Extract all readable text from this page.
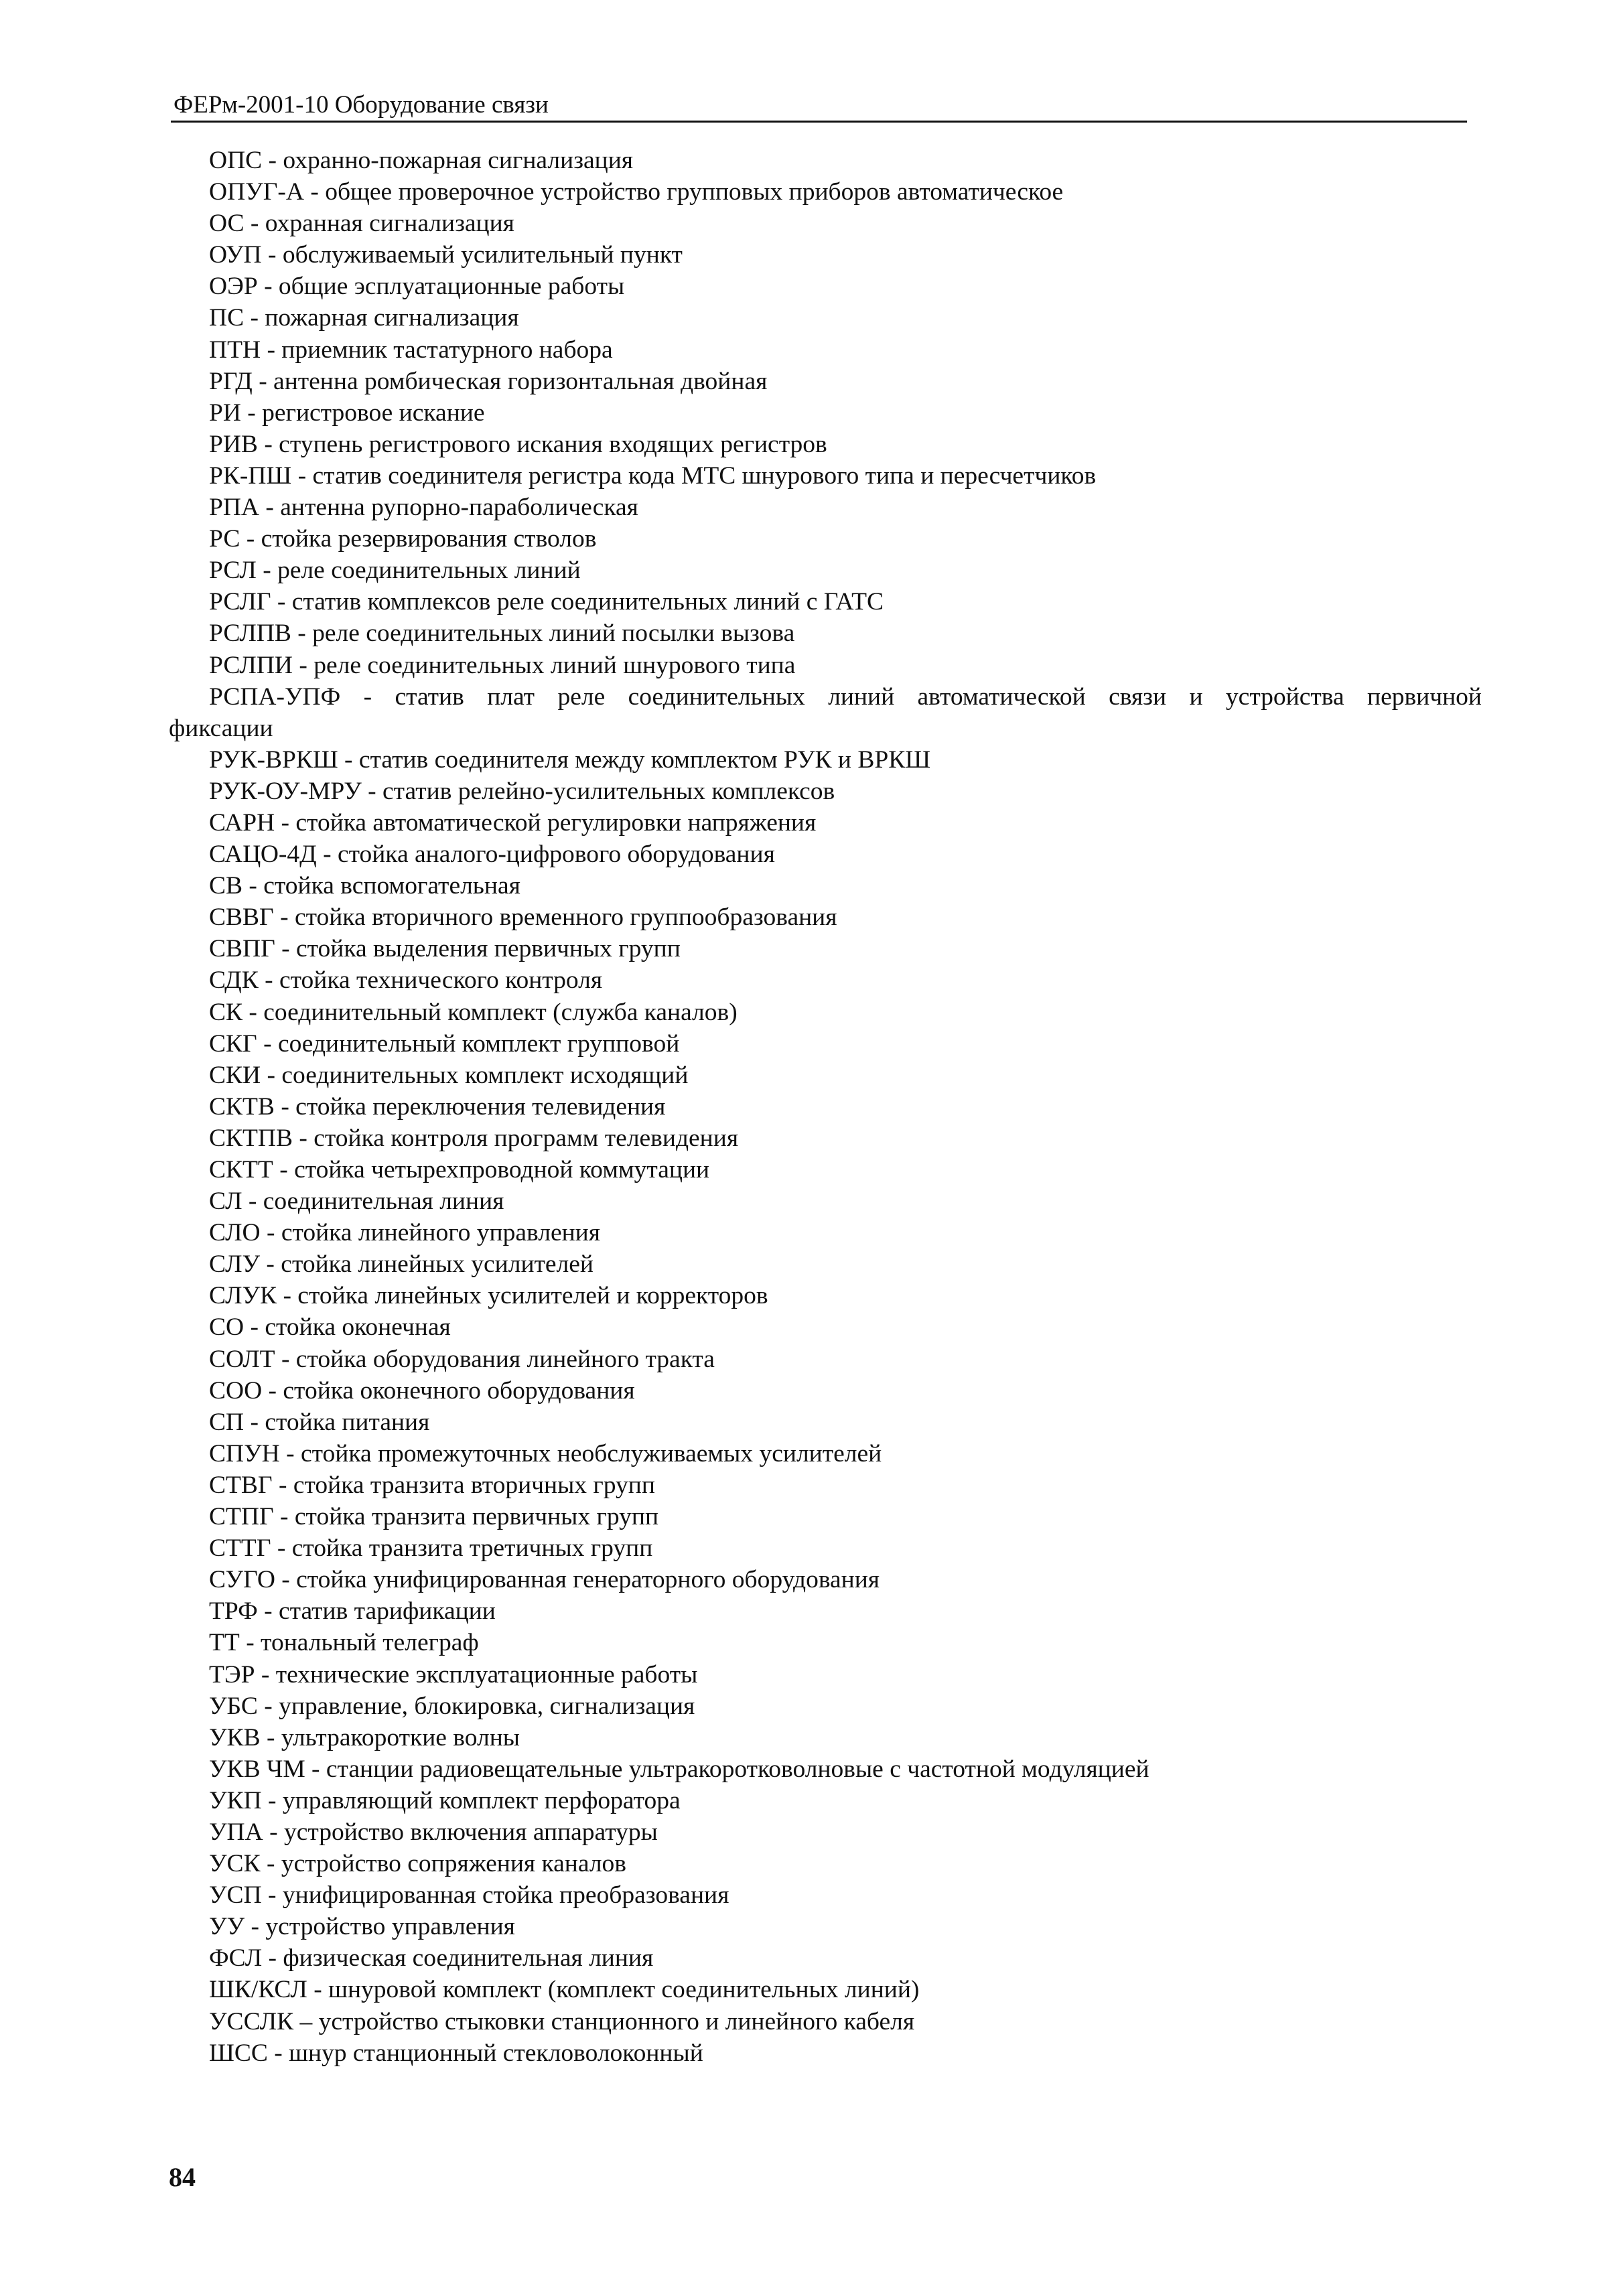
ФЕРм-2001-10 Оборудование связи
ОПС - охранно-пожарная сигнализация
ОПУГ-А - общее проверочное устройство групповых приборов автоматическое
ОС - охранная сигнализация
ОУП - обслуживаемый усилительный пункт
ОЭР - общие эсплуатационные работы
ПС - пожарная сигнализация
ПТН - приемник тастатурного набора
РГД - антенна ромбическая горизонтальная двойная
РИ - регистровое искание
РИВ - ступень регистрового искания входящих регистров
РК-ПШ - статив соединителя регистра кода МТС шнурового типа и пересчетчиков
РПА - антенна рупорно-параболическая
РС - стойка резервирования стволов
РСЛ - реле соединительных линий
РСЛГ - статив комплексов реле соединительных линий с ГАТС
РСЛПВ - реле соединительных линий посылки вызова
РСЛПИ - реле соединительных линий шнурового типа
РСПА-УПФ - статив плат реле соединительных линий автоматической связи и устройства первичной
фиксации
РУК-ВРКШ - статив соединителя между комплектом РУК и ВРКШ
РУК-ОУ-МРУ - статив релейно-усилительных комплексов
САРН - стойка автоматической регулировки напряжения
САЦО-4Д - стойка аналого-цифрового оборудования
СВ - стойка вспомогательная
СВВГ - стойка вторичного временного группообразования
СВПГ - стойка выделения первичных групп
СДК - стойка технического контроля
СК - соединительный комплект (служба каналов)
СКГ - соединительный комплект групповой
СКИ - соединительных комплект исходящий
СКТВ - стойка переключения телевидения
СКТПВ - стойка контроля программ телевидения
СКТТ - стойка четырехпроводной коммутации
СЛ - соединительная линия
СЛО - стойка линейного управления
СЛУ - стойка линейных усилителей
СЛУК - стойка линейных усилителей и корректоров
СО - стойка оконечная
СОЛТ - стойка оборудования линейного тракта
СОО - стойка оконечного оборудования
СП - стойка питания
СПУН - стойка промежуточных необслуживаемых усилителей
СТВГ - стойка транзита вторичных групп
СТПГ - стойка транзита первичных групп
СТТГ - стойка транзита третичных групп
СУГО - стойка унифицированная генераторного оборудования
ТРФ - статив тарификации
ТТ - тональный телеграф
ТЭР - технические эксплуатационные работы
УБС - управление, блокировка, сигнализация
УКВ - ультракороткие волны
УКВ ЧМ - станции радиовещательные ультракоротковолновые с частотной модуляцией
УКП - управляющий комплект перфоратора
УПА - устройство включения аппаратуры
УСК - устройство сопряжения каналов
УСП - унифицированная стойка преобразования
УУ - устройство управления
ФСЛ - физическая соединительная линия
ШК/КСЛ - шнуровой комплект (комплект соединительных линий)
УССЛК – устройство стыковки станционного и линейного кабеля
ШСС - шнур станционный стекловолоконный
84
